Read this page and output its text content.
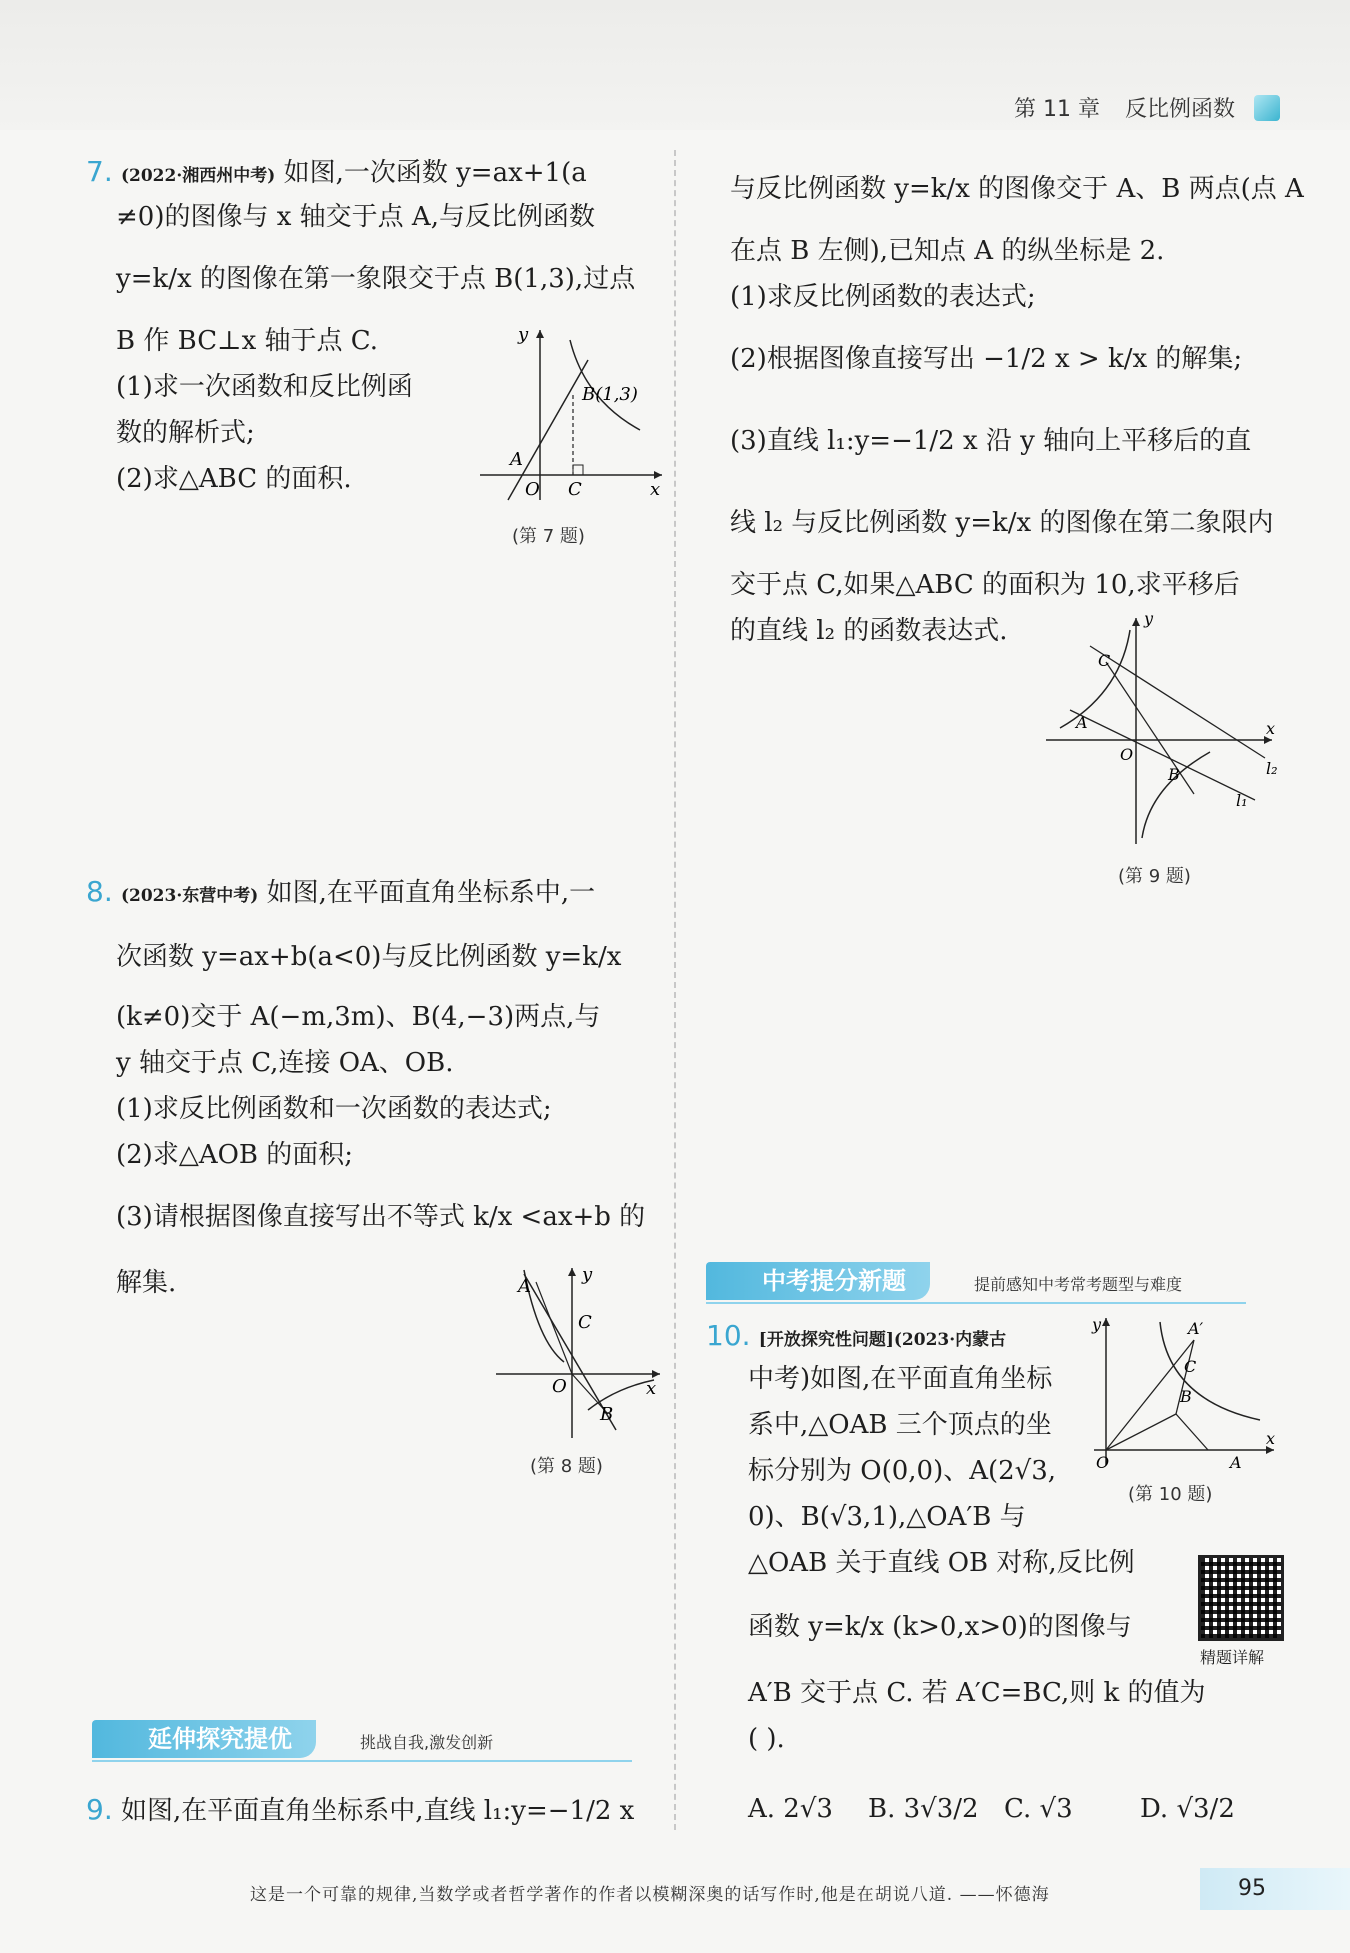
第 11 章 反比例函数
7. (2022·湘西州中考) 如图,一次函数 y=ax+1(a
≠0)的图像与 x 轴交于点 A,与反比例函数
y=k/x 的图像在第一象限交于点 B(1,3),过点
B 作 BC⊥x 轴于点 C.
(1)求一次函数和反比例函
数的解析式;
(2)求△ABC 的面积.
y
x
O
A
C
B(1,3)
(第 7 题)
8. (2023·东营中考) 如图,在平面直角坐标系中,一
次函数 y=ax+b(a<0)与反比例函数 y=k/x
(k≠0)交于 A(−m,3m)、B(4,−3)两点,与
y 轴交于点 C,连接 OA、OB.
(1)求反比例函数和一次函数的表达式;
(2)求△AOB 的面积;
(3)请根据图像直接写出不等式 k/x <ax+b 的
解集.	A
y
C
O	x
B
(第 8 题)
延伸探究提优	挑战自我,激发创新
9. 如图,在平面直角坐标系中,直线 l₁:y=−1/2 x
与反比例函数 y=k/x 的图像交于 A、B 两点(点 A
在点 B 左侧),已知点 A 的纵坐标是 2.
(1)求反比例函数的表达式;
(2)根据图像直接写出 −1/2 x > k/x 的解集;
(3)直线 l₁:y=−1/2 x 沿 y 轴向上平移后的直
线 l₂ 与反比例函数 y=k/x 的图像在第二象限内
交于点 C,如果△ABC 的面积为 10,求平移后
的直线 l₂ 的函数表达式.	y
C
A
O
x
l₂
B
l₁
(第 9 题)
中考提分新题	提前感知中考常考题型与难度
10. [开放探究性问题](2023·内蒙古
中考)如图,在平面直角坐标
系中,△OAB 三个顶点的坐
标分别为 O(0,0)、A(2√3,
0)、B(√3,1),△OA′B 与
△OAB 关于直线 OB 对称,反比例
函数 y=k/x (k>0,x>0)的图像与
A′B 交于点 C. 若 A′C=BC,则 k 的值为
( ).
A. 2√3 B. 3√3/2 C. √3	D. √3/2
y	A′
C
B
O	A
x
(第 10 题)
精题详解
这是一个可靠的规律,当数学或者哲学著作的作者以模糊深奥的话写作时,他是在胡说八道. ——怀德海	95
